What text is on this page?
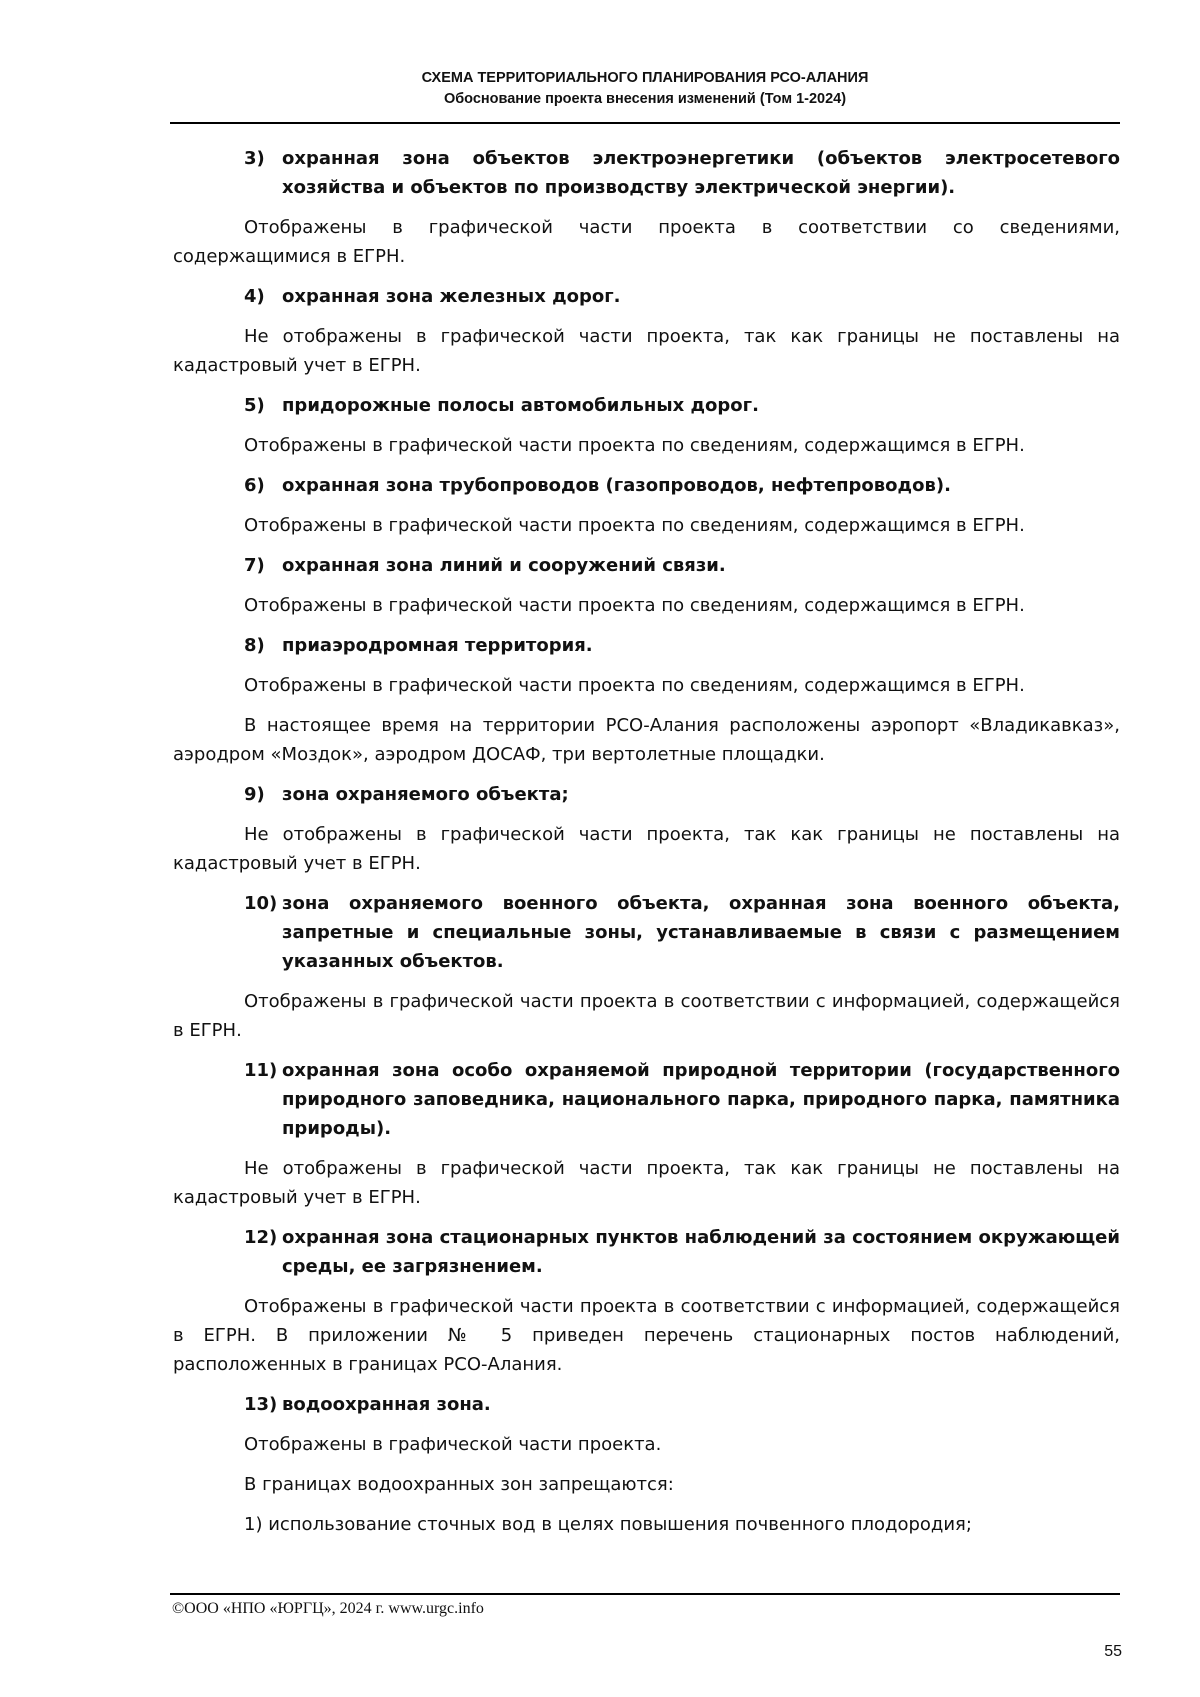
СХЕМА ТЕРРИТОРИАЛЬНОГО ПЛАНИРОВАНИЯ РСО-АЛАНИЯ
Обоснование проекта внесения изменений (Том 1-2024)

3) охранная зона объектов электроэнергетики (объектов электросетевого хозяйства и объектов по производству электрической энергии).

Отображены в графической части проекта в соответствии со сведениями, содержащимися в ЕГРН.

4) охранная зона железных дорог.

Не отображены в графической части проекта, так как границы не поставлены на кадастровый учет в ЕГРН.

5) придорожные полосы автомобильных дорог.

Отображены в графической части проекта по сведениям, содержащимся в ЕГРН.

6) охранная зона трубопроводов (газопроводов, нефтепроводов).

Отображены в графической части проекта по сведениям, содержащимся в ЕГРН.

7) охранная зона линий и сооружений связи.

Отображены в графической части проекта по сведениям, содержащимся в ЕГРН.

8) приаэродромная территория.

Отображены в графической части проекта по сведениям, содержащимся в ЕГРН.

В настоящее время на территории РСО-Алания расположены аэропорт «Владикавказ», аэродром «Моздок», аэродром ДОСАФ, три вертолетные площадки.

9) зона охраняемого объекта;

Не отображены в графической части проекта, так как границы не поставлены на кадастровый учет в ЕГРН.

10) зона охраняемого военного объекта, охранная зона военного объекта, запретные и специальные зоны, устанавливаемые в связи с размещением указанных объектов.

Отображены в графической части проекта в соответствии с информацией, содержащейся в ЕГРН.

11) охранная зона особо охраняемой природной территории (государственного природного заповедника, национального парка, природного парка, памятника природы).

Не отображены в графической части проекта, так как границы не поставлены на кадастровый учет в ЕГРН.

12) охранная зона стационарных пунктов наблюдений за состоянием окружающей среды, ее загрязнением.

Отображены в графической части проекта в соответствии с информацией, содержащейся в ЕГРН. В приложении № 5 приведен перечень стационарных постов наблюдений, расположенных в границах РСО-Алания.

13) водоохранная зона.

Отображены в графической части проекта.

В границах водоохранных зон запрещаются:

1) использование сточных вод в целях повышения почвенного плодородия;

©ООО «НПО «ЮРГЦ», 2024 г. www.urgc.info
55
